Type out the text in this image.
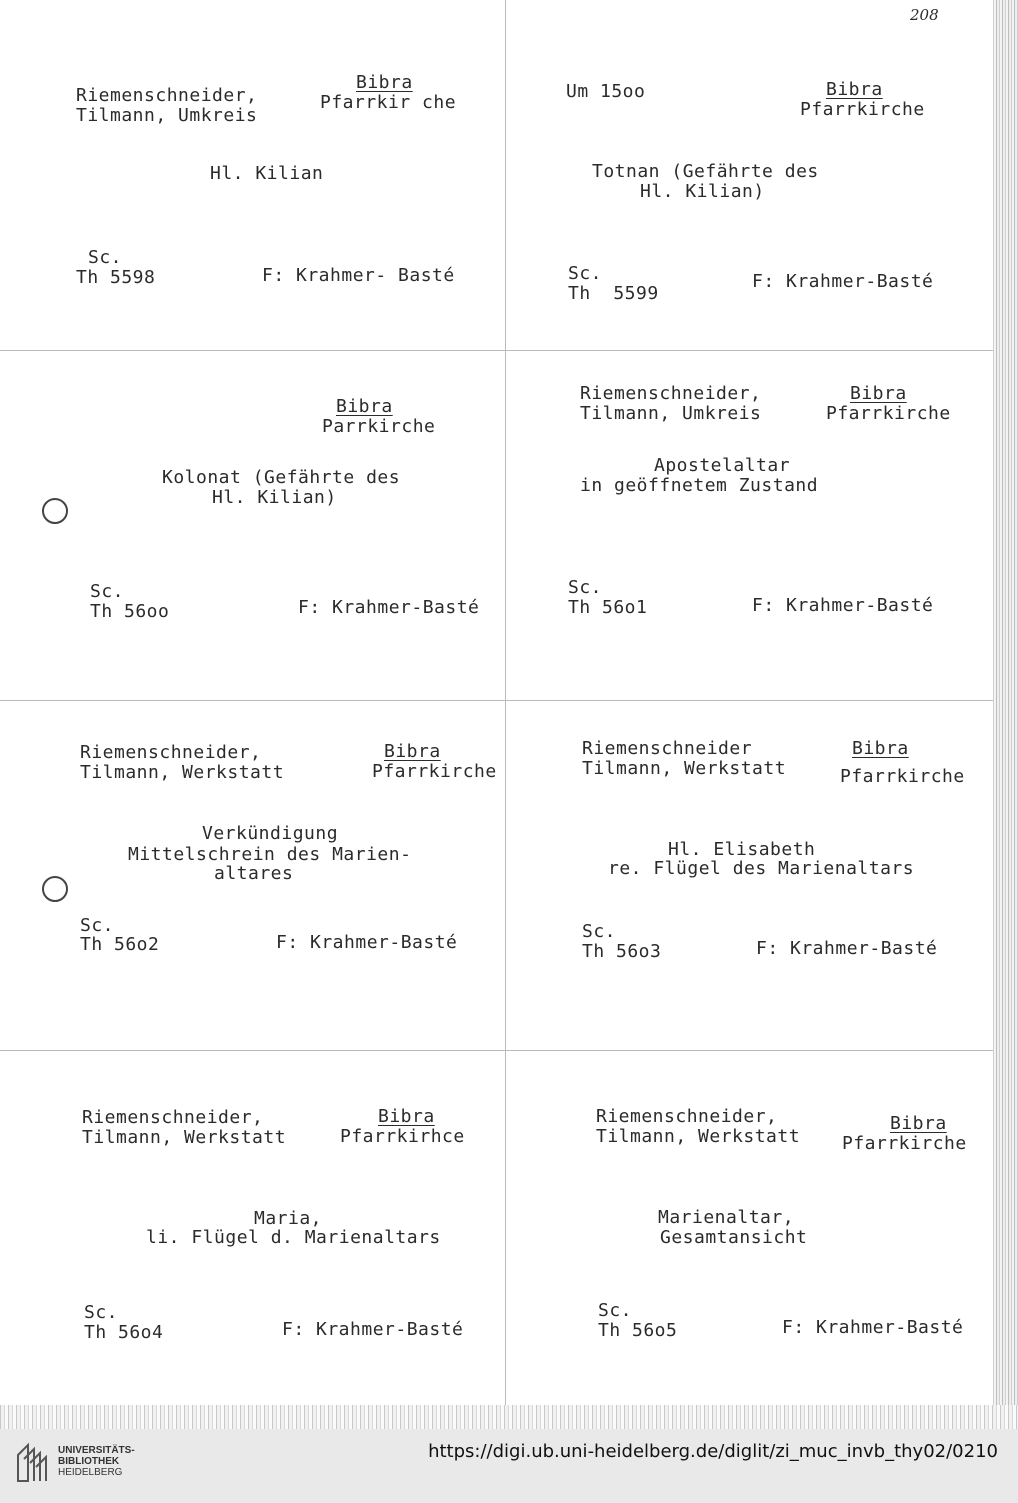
208
Riemenschneider,
Tilmann, Umkreis
Bibra
Pfarrkir che
Hl. Kilian
Sc.
Th 5598	F: Krahmer- Basté
Um 15oo	Bibra
Pfarrkirche
Totnan (Gefährte des
Hl. Kilian)
Sc.
Th  5599
F: Krahmer-Basté
Bibra
Parrkirche
Kolonat (Gefährte des
Hl. Kilian)
Sc.
Th 56oo	F: Krahmer-Basté
Riemenschneider,
Tilmann, Umkreis
Bibra
Pfarrkirche
Apostelaltar
in geöffnetem Zustand
Sc.
Th 56o1	F: Krahmer-Basté
Riemenschneider,
Tilmann, Werkstatt
Bibra
Pfarrkirche
Verkündigung
Mittelschrein des Marien-
altares
Sc.
Th 56o2	F: Krahmer-Basté
Riemenschneider
Tilmann, Werkstatt
Bibra
Pfarrkirche
Hl. Elisabeth
re. Flügel des Marienaltars
Sc.
Th 56o3	F: Krahmer-Basté
Riemenschneider,
Tilmann, Werkstatt
Bibra
Pfarrkirhce
Maria,
li. Flügel d. Marienaltars
Sc.
Th 56o4	F: Krahmer-Basté
Riemenschneider,
Tilmann, Werkstatt
Bibra
Pfarrkirche
Marienaltar,
Gesamtansicht
Sc.
Th 56o5	F: Krahmer-Basté
UNIVERSITÄTS-
BIBLIOTHEK
HEIDELBERG
https://digi.ub.uni-heidelberg.de/diglit/zi_muc_invb_thy02/0210
